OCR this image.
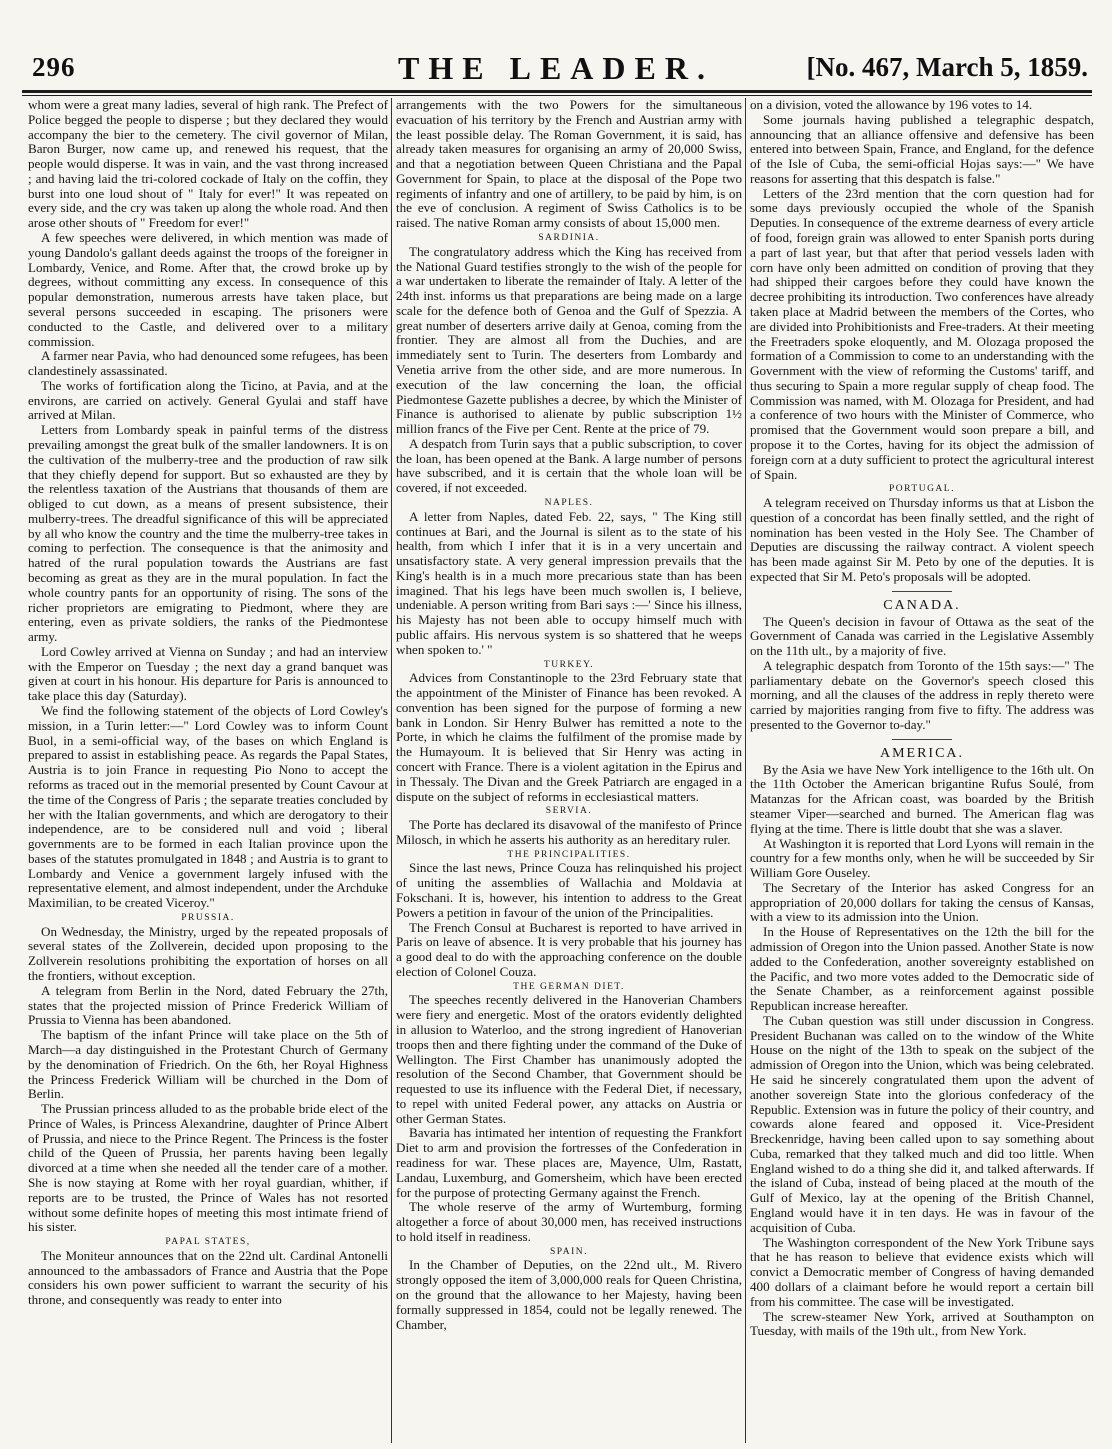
296	THE LEADER.	[No. 467, March 5, 1859.

whom were a great many ladies, several of high rank. The Prefect of Police begged the people to disperse ; but they declared they would accompany the bier to the cemetery. The civil governor of Milan, Baron Burger, now came up, and renewed his request, that the people would disperse. It was in vain, and the vast throng increased ; and having laid the tri-colored cockade of Italy on the coffin, they burst into one loud shout of " Italy for ever!" It was repeated on every side, and the cry was taken up along the whole road. And then arose other shouts of " Freedom for ever!"

A few speeches were delivered, in which mention was made of young Dandolo's gallant deeds against the troops of the foreigner in Lombardy, Venice, and Rome. After that, the crowd broke up by degrees, without committing any excess. In consequence of this popular demonstration, numerous arrests have taken place, but several persons succeeded in escaping. The prisoners were conducted to the Castle, and delivered over to a military commission.

A farmer near Pavia, who had denounced some refugees, has been clandestinely assassinated.

The works of fortification along the Ticino, at Pavia, and at the environs, are carried on actively. General Gyulai and staff have arrived at Milan.

Letters from Lombardy speak in painful terms of the distress prevailing amongst the great bulk of the smaller landowners. It is on the cultivation of the mulberry-tree and the production of raw silk that they chiefly depend for support. But so exhausted are they by the relentless taxation of the Austrians that thousands of them are obliged to cut down, as a means of present subsistence, their mulberry-trees. The dreadful significance of this will be appreciated by all who know the country and the time the mulberry-tree takes in coming to perfection. The consequence is that the animosity and hatred of the rural population towards the Austrians are fast becoming as great as they are in the mural population. In fact the whole country pants for an opportunity of rising. The sons of the richer proprietors are emigrating to Piedmont, where they are entering, even as private soldiers, the ranks of the Piedmontese army.

Lord Cowley arrived at Vienna on Sunday ; and had an interview with the Emperor on Tuesday ; the next day a grand banquet was given at court in his honour. His departure for Paris is announced to take place this day (Saturday).

We find the following statement of the objects of Lord Cowley's mission, in a Turin letter:—" Lord Cowley was to inform Count Buol, in a semi-official way, of the bases on which England is prepared to assist in establishing peace. As regards the Papal States, Austria is to join France in requesting Pio Nono to accept the reforms as traced out in the memorial presented by Count Cavour at the time of the Congress of Paris ; the separate treaties concluded by her with the Italian governments, and which are derogatory to their independence, are to be considered null and void ; liberal governments are to be formed in each Italian province upon the bases of the statutes promulgated in 1848 ; and Austria is to grant to Lombardy and Venice a government largely infused with the representative element, and almost independent, under the Archduke Maximilian, to be created Viceroy."

PRUSSIA.

On Wednesday, the Ministry, urged by the repeated proposals of several states of the Zollverein, decided upon proposing to the Zollverein resolutions prohibiting the exportation of horses on all the frontiers, without exception.

A telegram from Berlin in the Nord, dated February the 27th, states that the projected mission of Prince Frederick William of Prussia to Vienna has been abandoned.

The baptism of the infant Prince will take place on the 5th of March—a day distinguished in the Protestant Church of Germany by the denomination of Friedrich. On the 6th, her Royal Highness the Princess Frederick William will be churched in the Dom of Berlin.

The Prussian princess alluded to as the probable bride elect of the Prince of Wales, is Princess Alexandrine, daughter of Prince Albert of Prussia, and niece to the Prince Regent. The Princess is the foster child of the Queen of Prussia, her parents having been legally divorced at a time when she needed all the tender care of a mother. She is now staying at Rome with her royal guardian, whither, if reports are to be trusted, the Prince of Wales has not resorted without some definite hopes of meeting this most intimate friend of his sister.

PAPAL STATES,

The Moniteur announces that on the 22nd ult. Cardinal Antonelli announced to the ambassadors of France and Austria that the Pope considers his own power sufficient to warrant the security of his throne, and consequently was ready to enter into

arrangements with the two Powers for the simultaneous evacuation of his territory by the French and Austrian army with the least possible delay. The Roman Government, it is said, has already taken measures for organising an army of 20,000 Swiss, and that a negotiation between Queen Christiana and the Papal Government for Spain, to place at the disposal of the Pope two regiments of infantry and one of artillery, to be paid by him, is on the eve of conclusion. A regiment of Swiss Catholics is to be raised. The native Roman army consists of about 15,000 men.

SARDINIA.

The congratulatory address which the King has received from the National Guard testifies strongly to the wish of the people for a war undertaken to liberate the remainder of Italy. A letter of the 24th inst. informs us that preparations are being made on a large scale for the defence both of Genoa and the Gulf of Spezzia. A great number of deserters arrive daily at Genoa, coming from the frontier. They are almost all from the Duchies, and are immediately sent to Turin. The deserters from Lombardy and Venetia arrive from the other side, and are more numerous. In execution of the law concerning the loan, the official Piedmontese Gazette publishes a decree, by which the Minister of Finance is authorised to alienate by public subscription 1½ million francs of the Five per Cent. Rente at the price of 79.

A despatch from Turin says that a public subscription, to cover the loan, has been opened at the Bank. A large number of persons have subscribed, and it is certain that the whole loan will be covered, if not exceeded.

NAPLES.

A letter from Naples, dated Feb. 22, says, " The King still continues at Bari, and the Journal is silent as to the state of his health, from which I infer that it is in a very uncertain and unsatisfactory state. A very general impression prevails that the King's health is in a much more precarious state than has been imagined. That his legs have been much swollen is, I believe, undeniable. A person writing from Bari says :—' Since his illness, his Majesty has not been able to occupy himself much with public affairs. His nervous system is so shattered that he weeps when spoken to.' "

TURKEY.

Advices from Constantinople to the 23rd February state that the appointment of the Minister of Finance has been revoked. A convention has been signed for the purpose of forming a new bank in London. Sir Henry Bulwer has remitted a note to the Porte, in which he claims the fulfilment of the promise made by the Humayoum. It is believed that Sir Henry was acting in concert with France. There is a violent agitation in the Epirus and in Thessaly. The Divan and the Greek Patriarch are engaged in a dispute on the subject of reforms in ecclesiastical matters.

SERVIA.

The Porte has declared its disavowal of the manifesto of Prince Milosch, in which he asserts his authority as an hereditary ruler.

THE PRINCIPALITIES.

Since the last news, Prince Couza has relinquished his project of uniting the assemblies of Wallachia and Moldavia at Fokschani. It is, however, his intention to address to the Great Powers a petition in favour of the union of the Principalities.

The French Consul at Bucharest is reported to have arrived in Paris on leave of absence. It is very probable that his journey has a good deal to do with the approaching conference on the double election of Colonel Couza.

THE GERMAN DIET.

The speeches recently delivered in the Hanoverian Chambers were fiery and energetic. Most of the orators evidently delighted in allusion to Waterloo, and the strong ingredient of Hanoverian troops then and there fighting under the command of the Duke of Wellington. The First Chamber has unanimously adopted the resolution of the Second Chamber, that Government should be requested to use its influence with the Federal Diet, if necessary, to repel with united Federal power, any attacks on Austria or other German States.

Bavaria has intimated her intention of requesting the Frankfort Diet to arm and provision the fortresses of the Confederation in readiness for war. These places are, Mayence, Ulm, Rastatt, Landau, Luxemburg, and Gomersheim, which have been erected for the purpose of protecting Germany against the French.

The whole reserve of the army of Wurtemburg, forming altogether a force of about 30,000 men, has received instructions to hold itself in readiness.

SPAIN.

In the Chamber of Deputies, on the 22nd ult., M. Rivero strongly opposed the item of 3,000,000 reals for Queen Christina, on the ground that the allowance to her Majesty, having been formally suppressed in 1854, could not be legally renewed. The Chamber,

on a division, voted the allowance by 196 votes to 14.

Some journals having published a telegraphic despatch, announcing that an alliance offensive and defensive has been entered into between Spain, France, and England, for the defence of the Isle of Cuba, the semi-official Hojas says:—" We have reasons for asserting that this despatch is false."

Letters of the 23rd mention that the corn question had for some days previously occupied the whole of the Spanish Deputies. In consequence of the extreme dearness of every article of food, foreign grain was allowed to enter Spanish ports during a part of last year, but that after that period vessels laden with corn have only been admitted on condition of proving that they had shipped their cargoes before they could have known the decree prohibiting its introduction. Two conferences have already taken place at Madrid between the members of the Cortes, who are divided into Prohibitionists and Free-traders. At their meeting the Freetraders spoke eloquently, and M. Olozaga proposed the formation of a Commission to come to an understanding with the Government with the view of reforming the Customs' tariff, and thus securing to Spain a more regular supply of cheap food. The Commission was named, with M. Olozaga for President, and had a conference of two hours with the Minister of Commerce, who promised that the Government would soon prepare a bill, and propose it to the Cortes, having for its object the admission of foreign corn at a duty sufficient to protect the agricultural interest of Spain.

PORTUGAL.

A telegram received on Thursday informs us that at Lisbon the question of a concordat has been finally settled, and the right of nomination has been vested in the Holy See. The Chamber of Deputies are discussing the railway contract. A violent speech has been made against Sir M. Peto by one of the deputies. It is expected that Sir M. Peto's proposals will be adopted.

CANADA.

The Queen's decision in favour of Ottawa as the seat of the Government of Canada was carried in the Legislative Assembly on the 11th ult., by a majority of five.

A telegraphic despatch from Toronto of the 15th says:—" The parliamentary debate on the Governor's speech closed this morning, and all the clauses of the address in reply thereto were carried by majorities ranging from five to fifty. The address was presented to the Governor to-day."

AMERICA.

By the Asia we have New York intelligence to the 16th ult. On the 11th October the American brigantine Rufus Soulé, from Matanzas for the African coast, was boarded by the British steamer Viper—searched and burned. The American flag was flying at the time. There is little doubt that she was a slaver.

At Washington it is reported that Lord Lyons will remain in the country for a few months only, when he will be succeeded by Sir William Gore Ouseley.

The Secretary of the Interior has asked Congress for an appropriation of 20,000 dollars for taking the census of Kansas, with a view to its admission into the Union.

In the House of Representatives on the 12th the bill for the admission of Oregon into the Union passed. Another State is now added to the Confederation, another sovereignty established on the Pacific, and two more votes added to the Democratic side of the Senate Chamber, as a reinforcement against possible Republican increase hereafter.

The Cuban question was still under discussion in Congress. President Buchanan was called on to the window of the White House on the night of the 13th to speak on the subject of the admission of Oregon into the Union, which was being celebrated. He said he sincerely congratulated them upon the advent of another sovereign State into the glorious confederacy of the Republic. Extension was in future the policy of their country, and cowards alone feared and opposed it. Vice-President Breckenridge, having been called upon to say something about Cuba, remarked that they talked much and did too little. When England wished to do a thing she did it, and talked afterwards. If the island of Cuba, instead of being placed at the mouth of the Gulf of Mexico, lay at the opening of the British Channel, England would have it in ten days. He was in favour of the acquisition of Cuba.

The Washington correspondent of the New York Tribune says that he has reason to believe that evidence exists which will convict a Democratic member of Congress of having demanded 400 dollars of a claimant before he would report a certain bill from his committee. The case will be investigated.

The screw-steamer New York, arrived at Southampton on Tuesday, with mails of the 19th ult., from New York.
